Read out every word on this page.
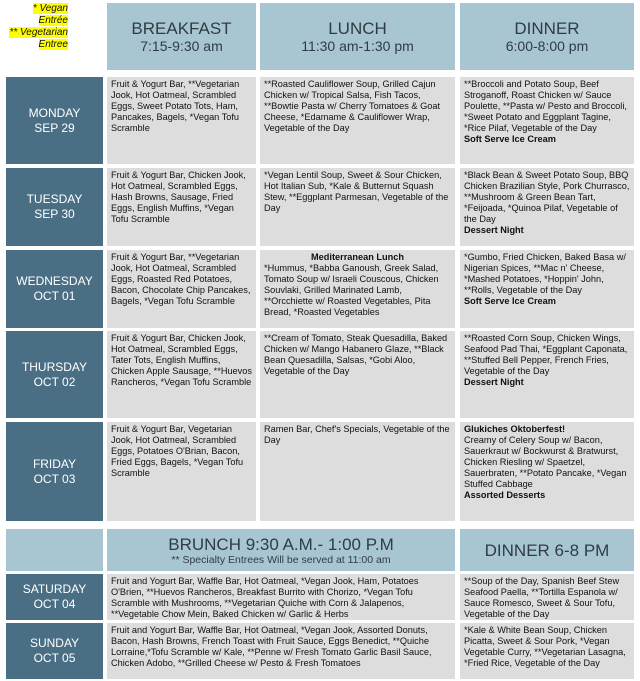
* Vegan Entrée
** Vegetarian Entree
BREAKFAST
7:15-9:30 am
LUNCH
11:30 am-1:30 pm
DINNER
6:00-8:00 pm
MONDAY
SEP 29
Fruit & Yogurt Bar, **Vegetarian Jook, Hot Oatmeal, Scrambled Eggs, Sweet Potato Tots, Ham, Pancakes, Bagels, *Vegan Tofu Scramble
**Roasted Cauliflower Soup, Grilled Cajun Chicken w/ Tropical Salsa, Fish Tacos, **Bowtie Pasta w/ Cherry Tomatoes & Goat Cheese, *Edamame & Cauliflower Wrap, Vegetable of the Day
**Broccoli and Potato Soup, Beef Stroganoff, Roast Chicken w/ Sauce Poulette, **Pasta w/ Pesto and Broccoli, *Sweet Potato and Eggplant Tagine, *Rice Pilaf, Vegetable of the Day
Soft Serve Ice Cream
TUESDAY
SEP 30
Fruit & Yogurt Bar, Chicken Jook, Hot Oatmeal, Scrambled Eggs, Hash Browns, Sausage, Fried Eggs, English Muffins, *Vegan Tofu Scramble
*Vegan Lentil Soup, Sweet & Sour Chicken, Hot Italian Sub, *Kale & Butternut Squash Stew, **Eggplant Parmesan, Vegetable of the Day
*Black Bean & Sweet Potato Soup, BBQ Chicken Brazilian Style, Pork Churrasco, **Mushroom & Green Bean Tart, *Feijoada, *Quinoa Pilaf, Vegetable of the Day
Dessert Night
WEDNESDAY
OCT 01
Fruit & Yogurt Bar, **Vegetarian Jook, Hot Oatmeal, Scrambled Eggs, Roasted Red Potatoes, Bacon, Chocolate Chip Pancakes, Bagels, *Vegan Tofu Scramble
Mediterranean Lunch
*Hummus, *Babba Ganoush, Greek Salad, Tomato Soup w/ Israeli Couscous, Chicken Souvlaki, Grilled Marinated Lamb, **Orcchiette w/ Roasted Vegetables, Pita Bread, *Roasted Vegetables
*Gumbo, Fried Chicken, Baked Basa w/ Nigerian Spices, **Mac n' Cheese, *Mashed Potatoes, *Hoppin' John, **Rolls, Vegetable of the Day
Soft Serve Ice Cream
THURSDAY
OCT 02
Fruit & Yogurt Bar, Chicken Jook, Hot Oatmeal, Scrambled Eggs, Tater Tots, English Muffins, Chicken Apple Sausage, **Huevos Rancheros, *Vegan Tofu Scramble
**Cream of Tomato, Steak Quesadilla, Baked Chicken w/ Mango Habanero Glaze, **Black Bean Quesadilla, Salsas, *Gobi Aloo, Vegetable of the Day
**Roasted Corn Soup, Chicken Wings, Seafood Pad Thai, *Eggplant Caponata, **Stuffed Bell Pepper, French Fries, Vegetable of the Day
Dessert Night
FRIDAY
OCT 03
Fruit & Yogurt Bar, Vegetarian Jook, Hot Oatmeal, Scrambled Eggs, Potatoes O'Brian, Bacon, Fried Eggs, Bagels, *Vegan Tofu Scramble
Ramen Bar, Chef's Specials, Vegetable of the Day
Glukiches Oktoberfest!
Creamy of Celery Soup w/ Bacon, Sauerkraut w/ Bockwurst & Bratwurst, Chicken Riesling w/ Spaetzel, Sauerbraten, **Potato Pancake, *Vegan Stuffed Cabbage
Assorted Desserts
BRUNCH 9:30 A.M.- 1:00 P.M
** Specialty Entrees Will be served at 11:00 am	DINNER 6-8 PM
SATURDAY
OCT 04
Fruit and Yogurt Bar, Waffle Bar, Hot Oatmeal, *Vegan Jook, Ham, Potatoes O'Brien, **Huevos Rancheros, Breakfast Burrito with Chorizo, *Vegan Tofu Scramble with Mushrooms, **Vegetarian Quiche with Corn & Jalapenos, **Vegetable Chow Mein, Baked Chicken w/ Garlic & Herbs
**Soup of the Day, Spanish Beef Stew Seafood Paella, **Tortilla Espanola w/ Sauce Romesco, Sweet & Sour Tofu, Vegetable of the Day
SUNDAY
OCT 05
Fruit and Yogurt Bar, Waffle Bar, Hot Oatmeal, *Vegan Jook, Assorted Donuts, Bacon, Hash Browns, French Toast with Fruit Sauce, Eggs Benedict, **Quiche Lorraine,*Tofu Scramble w/ Kale, **Penne w/ Fresh Tomato Garlic Basil Sauce, Chicken Adobo, **Grilled Cheese w/ Pesto & Fresh Tomatoes
*Kale & White Bean Soup, Chicken Picatta, Sweet & Sour Pork, *Vegan Vegetable Curry, **Vegetarian Lasagna, *Fried Rice, Vegetable of the Day
